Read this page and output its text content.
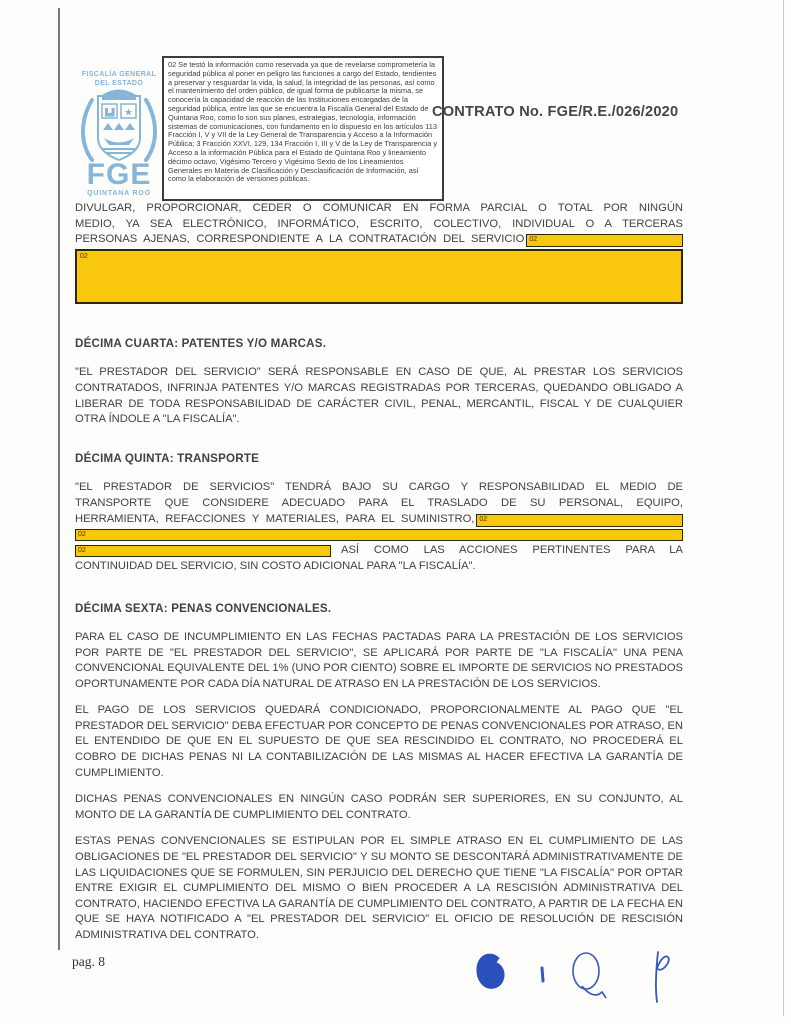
FISCALÍA GENERAL
DEL ESTADO
★
FGE
QUINTANA ROO
02 Se testó la información como reservada ya que de revelarse comprometería la seguridad pública al poner en peligro las funciones a cargo del Estado, tendientes a preservar y resguardar la vida, la salud, la integridad de las personas, así como el mantenimiento del orden público, de igual forma de publicarse la misma, se conocería la capacidad de reacción de las Instituciones encargadas de la seguridad pública, entre las que se encuentra la Fiscalía General del Estado de Quintana Roo, como lo son sus planes, estrategias, tecnología, información sistemas de comunicaciones, con fundamento en lo dispuesto en los artículos 113 Fracción I, V y VII de la Ley General de Transparencia y Acceso a la Información Pública; 3 Fracción XXVI, 129, 134 Fracción I, III y V de la Ley de Transparencia y Acceso a la información Pública para el Estado de Quintana Roo y lineamiento décimo octavo, Vigésimo Tercero y Vigésimo Sexto de los Lineamientos Generales en Materia de Clasificación y Desclasificación de Información, así como la elaboración de versiones públicas.
CONTRATO No. FGE/R.E./026/2020
DIVULGAR, PROPORCIONAR, CEDER O COMUNICAR EN FORMA PARCIAL O TOTAL POR NINGÚN
MEDIO, YA SEA ELECTRÓNICO, INFORMÁTICO, ESCRITO, COLECTIVO, INDIVIDUAL O A TERCERAS
PERSONAS AJENAS, CORRESPONDIENTE A LA CONTRATACIÓN DEL SERVICIO 02
02
DÉCIMA CUARTA: PATENTES Y/O MARCAS.

"EL PRESTADOR DEL SERVICIO" SERÁ RESPONSABLE EN CASO DE QUE, AL PRESTAR LOS SERVICIOS CONTRATADOS, INFRINJA PATENTES Y/O MARCAS REGISTRADAS POR TERCERAS, QUEDANDO OBLIGADO A LIBERAR DE TODA RESPONSABILIDAD DE CARÁCTER CIVIL, PENAL, MERCANTIL, FISCAL Y DE CUALQUIER OTRA ÍNDOLE A "LA FISCALÍA".

DÉCIMA QUINTA: TRANSPORTE
"EL PRESTADOR DE SERVICIOS" TENDRÁ BAJO SU CARGO Y RESPONSABILIDAD EL MEDIO DE
TRANSPORTE QUE CONSIDERE ADECUADO PARA EL TRASLADO DE SU PERSONAL, EQUIPO,
HERRAMIENTA, REFACCIONES Y MATERIALES, PARA EL SUMINISTRO, 02
02
02	ASÍ COMO LAS ACCIONES PERTINENTES PARA LA
CONTINUIDAD DEL SERVICIO, SIN COSTO ADICIONAL PARA "LA FISCALÍA".
DÉCIMA SEXTA: PENAS CONVENCIONALES.

PARA EL CASO DE INCUMPLIMIENTO EN LAS FECHAS PACTADAS PARA LA PRESTACIÓN DE LOS SERVICIOS POR PARTE DE "EL PRESTADOR DEL SERVICIO", SE APLICARÁ POR PARTE DE "LA FISCALÍA" UNA PENA CONVENCIONAL EQUIVALENTE DEL 1% (UNO POR CIENTO) SOBRE EL IMPORTE DE SERVICIOS NO PRESTADOS OPORTUNAMENTE POR CADA DÍA NATURAL DE ATRASO EN LA PRESTACIÓN DE LOS SERVICIOS.

EL PAGO DE LOS SERVICIOS QUEDARÁ CONDICIONADO, PROPORCIONALMENTE AL PAGO QUE "EL PRESTADOR DEL SERVICIO" DEBA EFECTUAR POR CONCEPTO DE PENAS CONVENCIONALES POR ATRASO, EN EL ENTENDIDO DE QUE EN EL SUPUESTO DE QUE SEA RESCINDIDO EL CONTRATO, NO PROCEDERÁ EL COBRO DE DICHAS PENAS NI LA CONTABILIZACIÓN DE LAS MISMAS AL HACER EFECTIVA LA GARANTÍA DE CUMPLIMIENTO.

DICHAS PENAS CONVENCIONALES EN NINGÚN CASO PODRÁN SER SUPERIORES, EN SU CONJUNTO, AL MONTO DE LA GARANTÍA DE CUMPLIMIENTO DEL CONTRATO.

ESTAS PENAS CONVENCIONALES SE ESTIPULAN POR EL SIMPLE ATRASO EN EL CUMPLIMIENTO DE LAS OBLIGACIONES DE "EL PRESTADOR DEL SERVICIO" Y SU MONTO SE DESCONTARÁ ADMINISTRATIVAMENTE DE LAS LIQUIDACIONES QUE SE FORMULEN, SIN PERJUICIO DEL DERECHO QUE TIENE "LA FISCALÍA" POR OPTAR ENTRE EXIGIR EL CUMPLIMIENTO DEL MISMO O BIEN PROCEDER A LA RESCISIÓN ADMINISTRATIVA DEL CONTRATO, HACIENDO EFECTIVA LA GARANTÍA DE CUMPLIMIENTO DEL CONTRATO, A PARTIR DE LA FECHA EN QUE SE HAYA NOTIFICADO A "EL PRESTADOR DEL SERVICIO" EL OFICIO DE RESOLUCIÓN DE RESCISIÓN ADMINISTRATIVA DEL CONTRATO.

pag. 8
